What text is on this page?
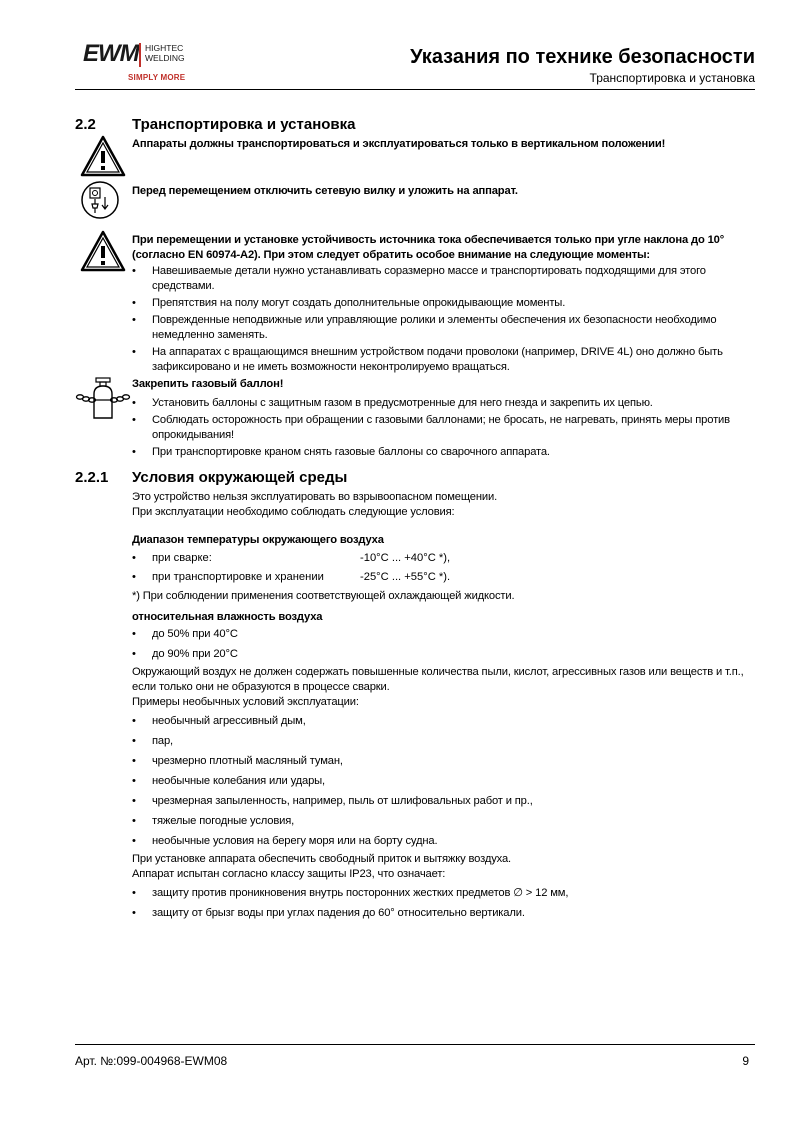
EWM HIGHTEC
WELDING
SIMPLY MORE
Указания по технике безопасности
Транспортировка и установка
2.2 Транспортировка и установка
Аппараты должны транспортироваться и эксплуатироваться только в вертикальном положении!
Перед перемещением отключить сетевую вилку и уложить на аппарат.
При перемещении и установке устойчивость источника тока обеспечивается только при угле наклона до 10°
(согласно EN 60974-A2). При этом следует обратить особое внимание на следующие моменты:
• Навешиваемые детали нужно устанавливать соразмерно массе и транспортировать подходящими для этого средствами.
• Препятствия на полу могут создать дополнительные опрокидывающие моменты.
• Поврежденные неподвижные или управляющие ролики и элементы обеспечения их безопасности необходимо немедленно заменять.
• На аппаратах с вращающимся внешним устройством подачи проволоки (например, DRIVE 4L) оно должно быть зафиксировано и не иметь возможности неконтролируемо вращаться.
Закрепить газовый баллон!
• Установить баллоны с защитным газом в предусмотренные для него гнезда и закрепить их цепью.
• Соблюдать осторожность при обращении с газовыми баллонами; не бросать, не нагревать, принять меры против опрокидывания!
• При транспортировке краном снять газовые баллоны со сварочного аппарата.
2.2.1 Условия окружающей среды
Это устройство нельзя эксплуатировать во взрывоопасном помещении.
При эксплуатации необходимо соблюдать следующие условия:
Диапазон температуры окружающего воздуха
• при сварке:	-10°C ... +40°C *),
• при транспортировке и хранении	-25°C ... +55°C *).
*) При соблюдении применения соответствующей охлаждающей жидкости.
относительная влажность воздуха
• до 50% при 40°C
• до 90% при 20°C
Окружающий воздух не должен содержать повышенные количества пыли, кислот, агрессивных газов или веществ и т.п., если только они не образуются в процессе сварки.
Примеры необычных условий эксплуатации:
• необычный агрессивный дым,
• пар,
• чрезмерно плотный масляный туман,
• необычные колебания или удары,
• чрезмерная запыленность, например, пыль от шлифовальных работ и пр.,
• тяжелые погодные условия,
• необычные условия на берегу моря или на борту судна.
При установке аппарата обеспечить свободный приток и вытяжку воздуха.
Аппарат испытан согласно классу защиты IP23, что означает:
• защиту против проникновения внутрь посторонних жестких предметов ∅ > 12 мм,
• защиту от брызг воды при углах падения до 60° относительно вертикали.
Арт. №:099-004968-EWM08	9
